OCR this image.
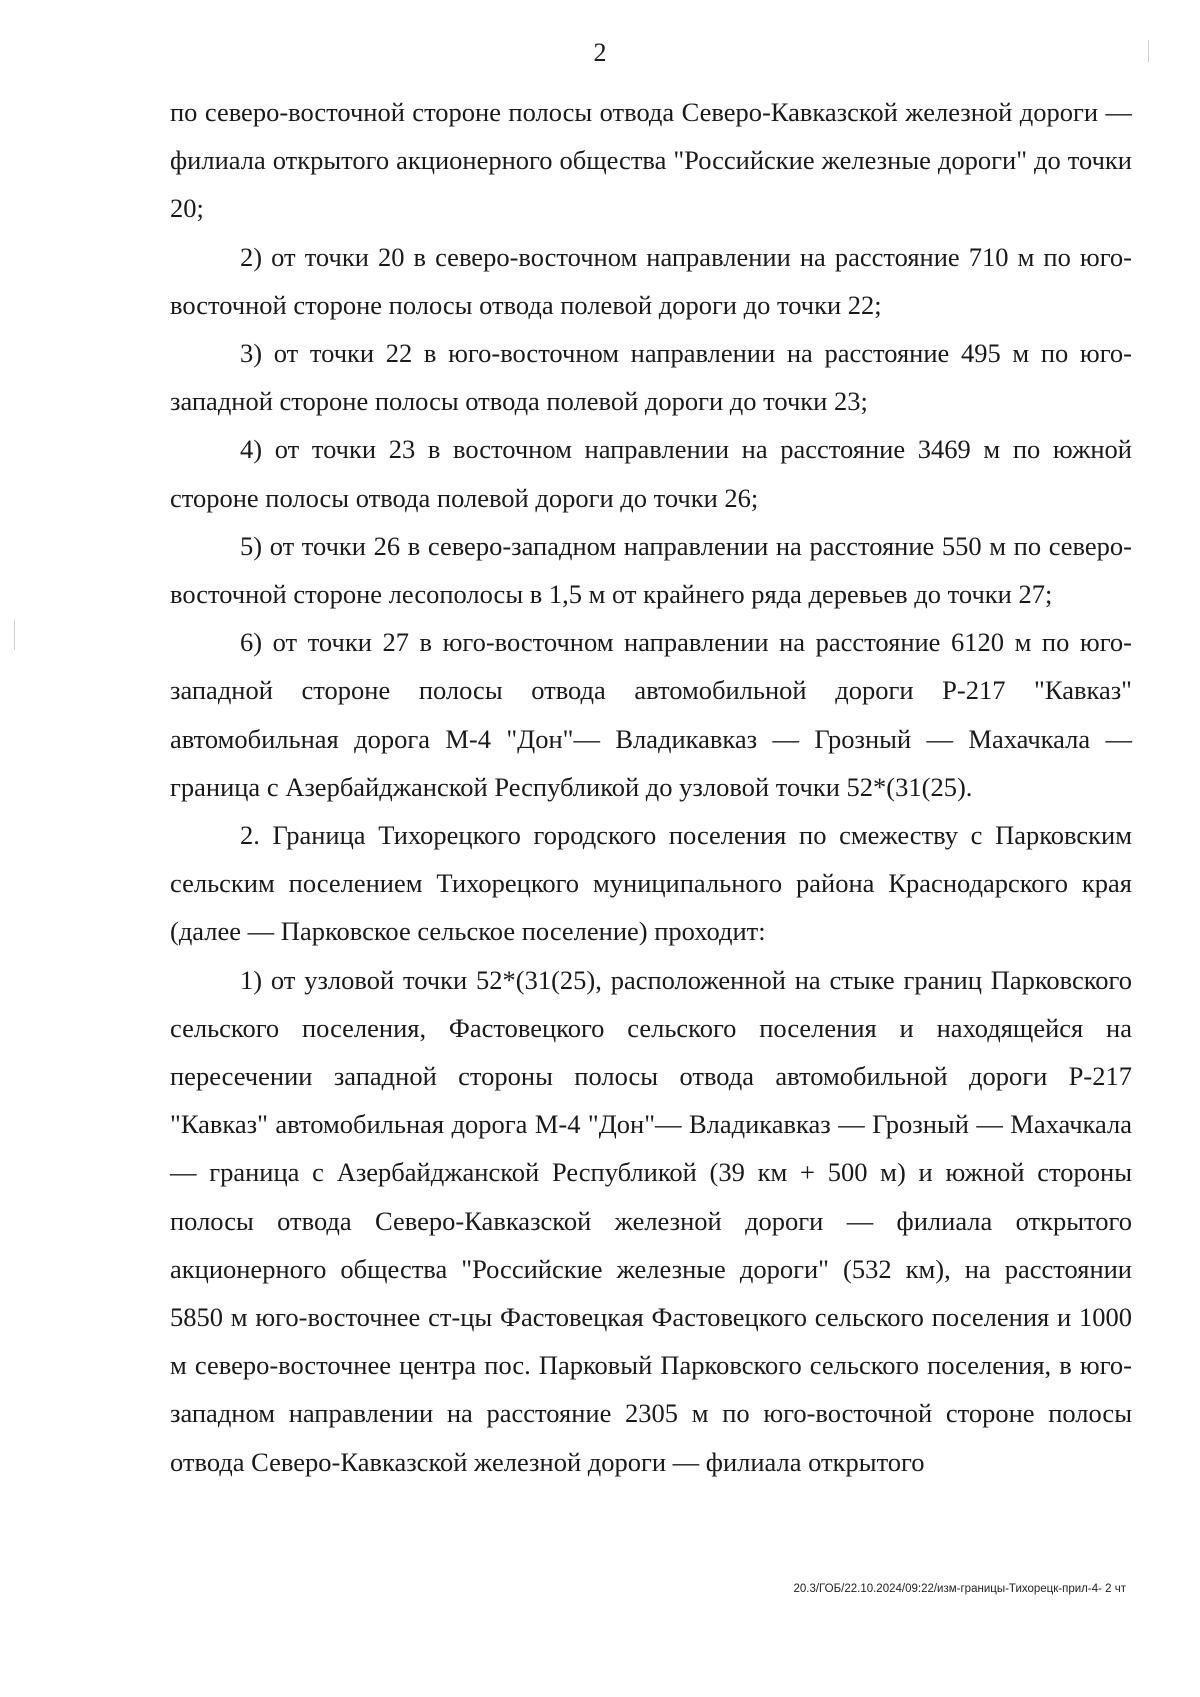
2

по северо-восточной стороне полосы отвода Северо-Кавказской железной дороги — филиала открытого акционерного общества "Российские железные дороги" до точки 20;

2) от точки 20 в северо-восточном направлении на расстояние 710 м по юго-восточной стороне полосы отвода полевой дороги до точки 22;

3) от точки 22 в юго-восточном направлении на расстояние 495 м по юго-западной стороне полосы отвода полевой дороги до точки 23;

4) от точки 23 в восточном направлении на расстояние 3469 м по южной стороне полосы отвода полевой дороги до точки 26;

5) от точки 26 в северо-западном направлении на расстояние 550 м по северо-восточной стороне лесополосы в 1,5 м от крайнего ряда деревьев до точки 27;

6) от точки 27 в юго-восточном направлении на расстояние 6120 м по юго-западной стороне полосы отвода автомобильной дороги Р-217 "Кавказ" автомобильная дорога М-4 "Дон"— Владикавказ — Грозный — Махачкала — граница с Азербайджанской Республикой до узловой точки 52*(31(25).

2. Граница Тихорецкого городского поселения по смежеству с Парковским сельским поселением Тихорецкого муниципального района Краснодарского края (далее — Парковское сельское поселение) проходит:

1) от узловой точки 52*(31(25), расположенной на стыке границ Парковского сельского поселения, Фастовецкого сельского поселения и находящейся на пересечении западной стороны полосы отвода автомобильной дороги Р-217 "Кавказ" автомобильная дорога М-4 "Дон"— Владикавказ — Грозный — Махачкала — граница с Азербайджанской Республикой (39 км + 500 м) и южной стороны полосы отвода Северо-Кавказской железной дороги — филиала открытого акционерного общества "Российские железные дороги" (532 км), на расстоянии 5850 м юго-восточнее ст-цы Фастовецкая Фастовецкого сельского поселения и 1000 м северо-восточнее центра пос. Парковый Парковского сельского поселения, в юго-западном направлении на расстояние 2305 м по юго-восточной стороне полосы отвода Северо-Кавказской железной дороги — филиала открытого

20.3/ГОБ/22.10.2024/09:22/изм-границы-Тихорецк-прил-4- 2 чт
